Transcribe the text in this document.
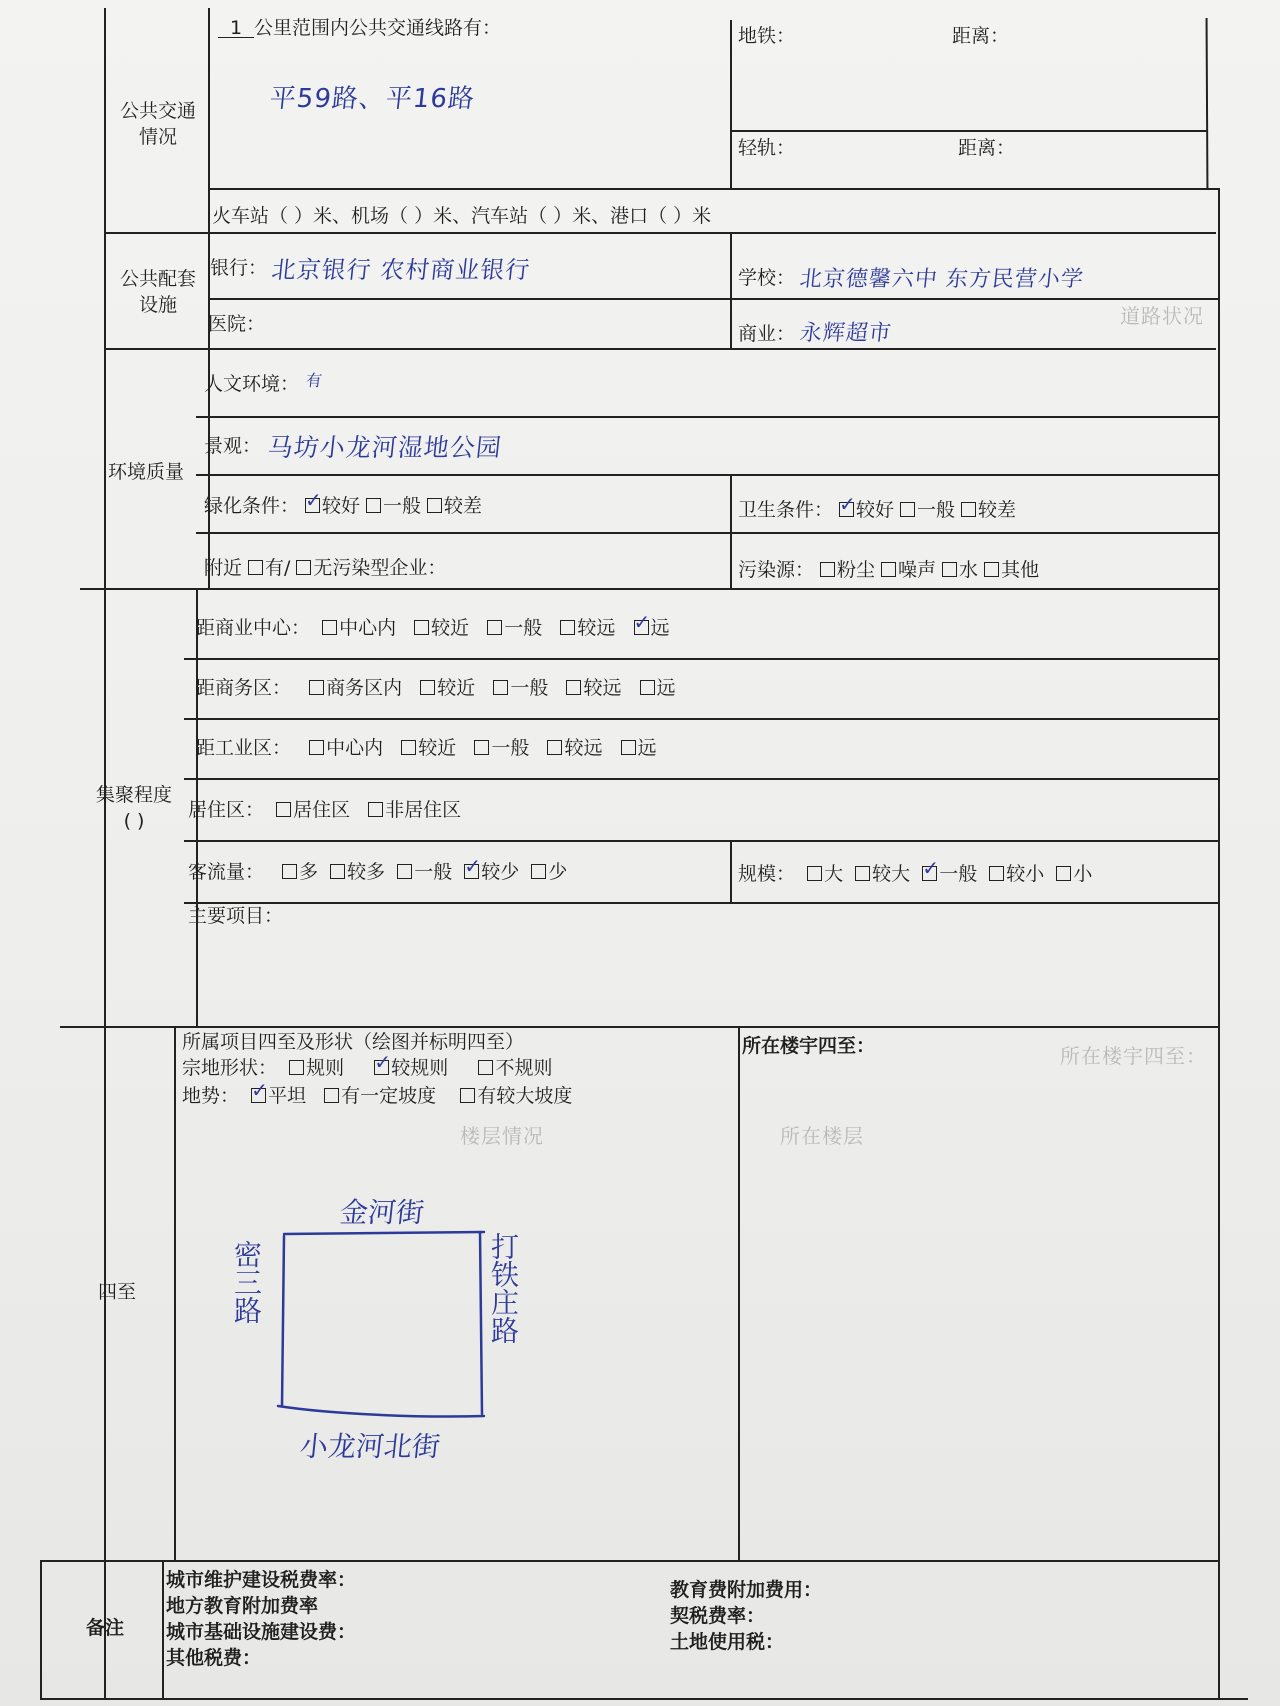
道路状况
所在楼宇四至：
所在楼层
楼层情况
公共交通
情况
公共配套
设施
环境质量
集聚程度
( )
四至
备注
1 公里范围内公共交通线路有：
平59路、平16路
地铁：	距离：
轻轨：	距离：
火车站（ ）米、机场（ ）米、汽车站（ ）米、港口（ ）米
银行： 北京银行 农村商业银行	学校： 北京德馨六中 东方民营小学
医院：	商业： 永辉超市
人文环境： 有
景观： 马坊小龙河湿地公园
绿化条件： ✓ 较好 一般 较差	卫生条件： ✓ 较好 一般 较差
附近 有/ 无污染型企业：	污染源： 粉尘 噪声 水 其他
距商业中心： 中心内 较近 一般 较远 ✓ 远
距商务区： 商务区内 较近 一般 较远 远
距工业区： 中心内 较近 一般 较远 远
居住区： 居住区 非居住区
客流量： 多 较多 一般 ✓ 较少 少	规模： 大 较大 ✓ 一般 较小 小
主要项目：
所属项目四至及形状（绘图并标明四至）
宗地形状： 规则 ✓ 较规则 不规则
地势： ✓ 平坦 有一定坡度 有较大坡度
所在楼宇四至：
金河街
小龙河北街
密三路	打铁庄路
城市维护建设税费率：
地方教育附加费率
城市基础设施建设费：
其他税费：
教育费附加费用：
契税费率：
土地使用税：
